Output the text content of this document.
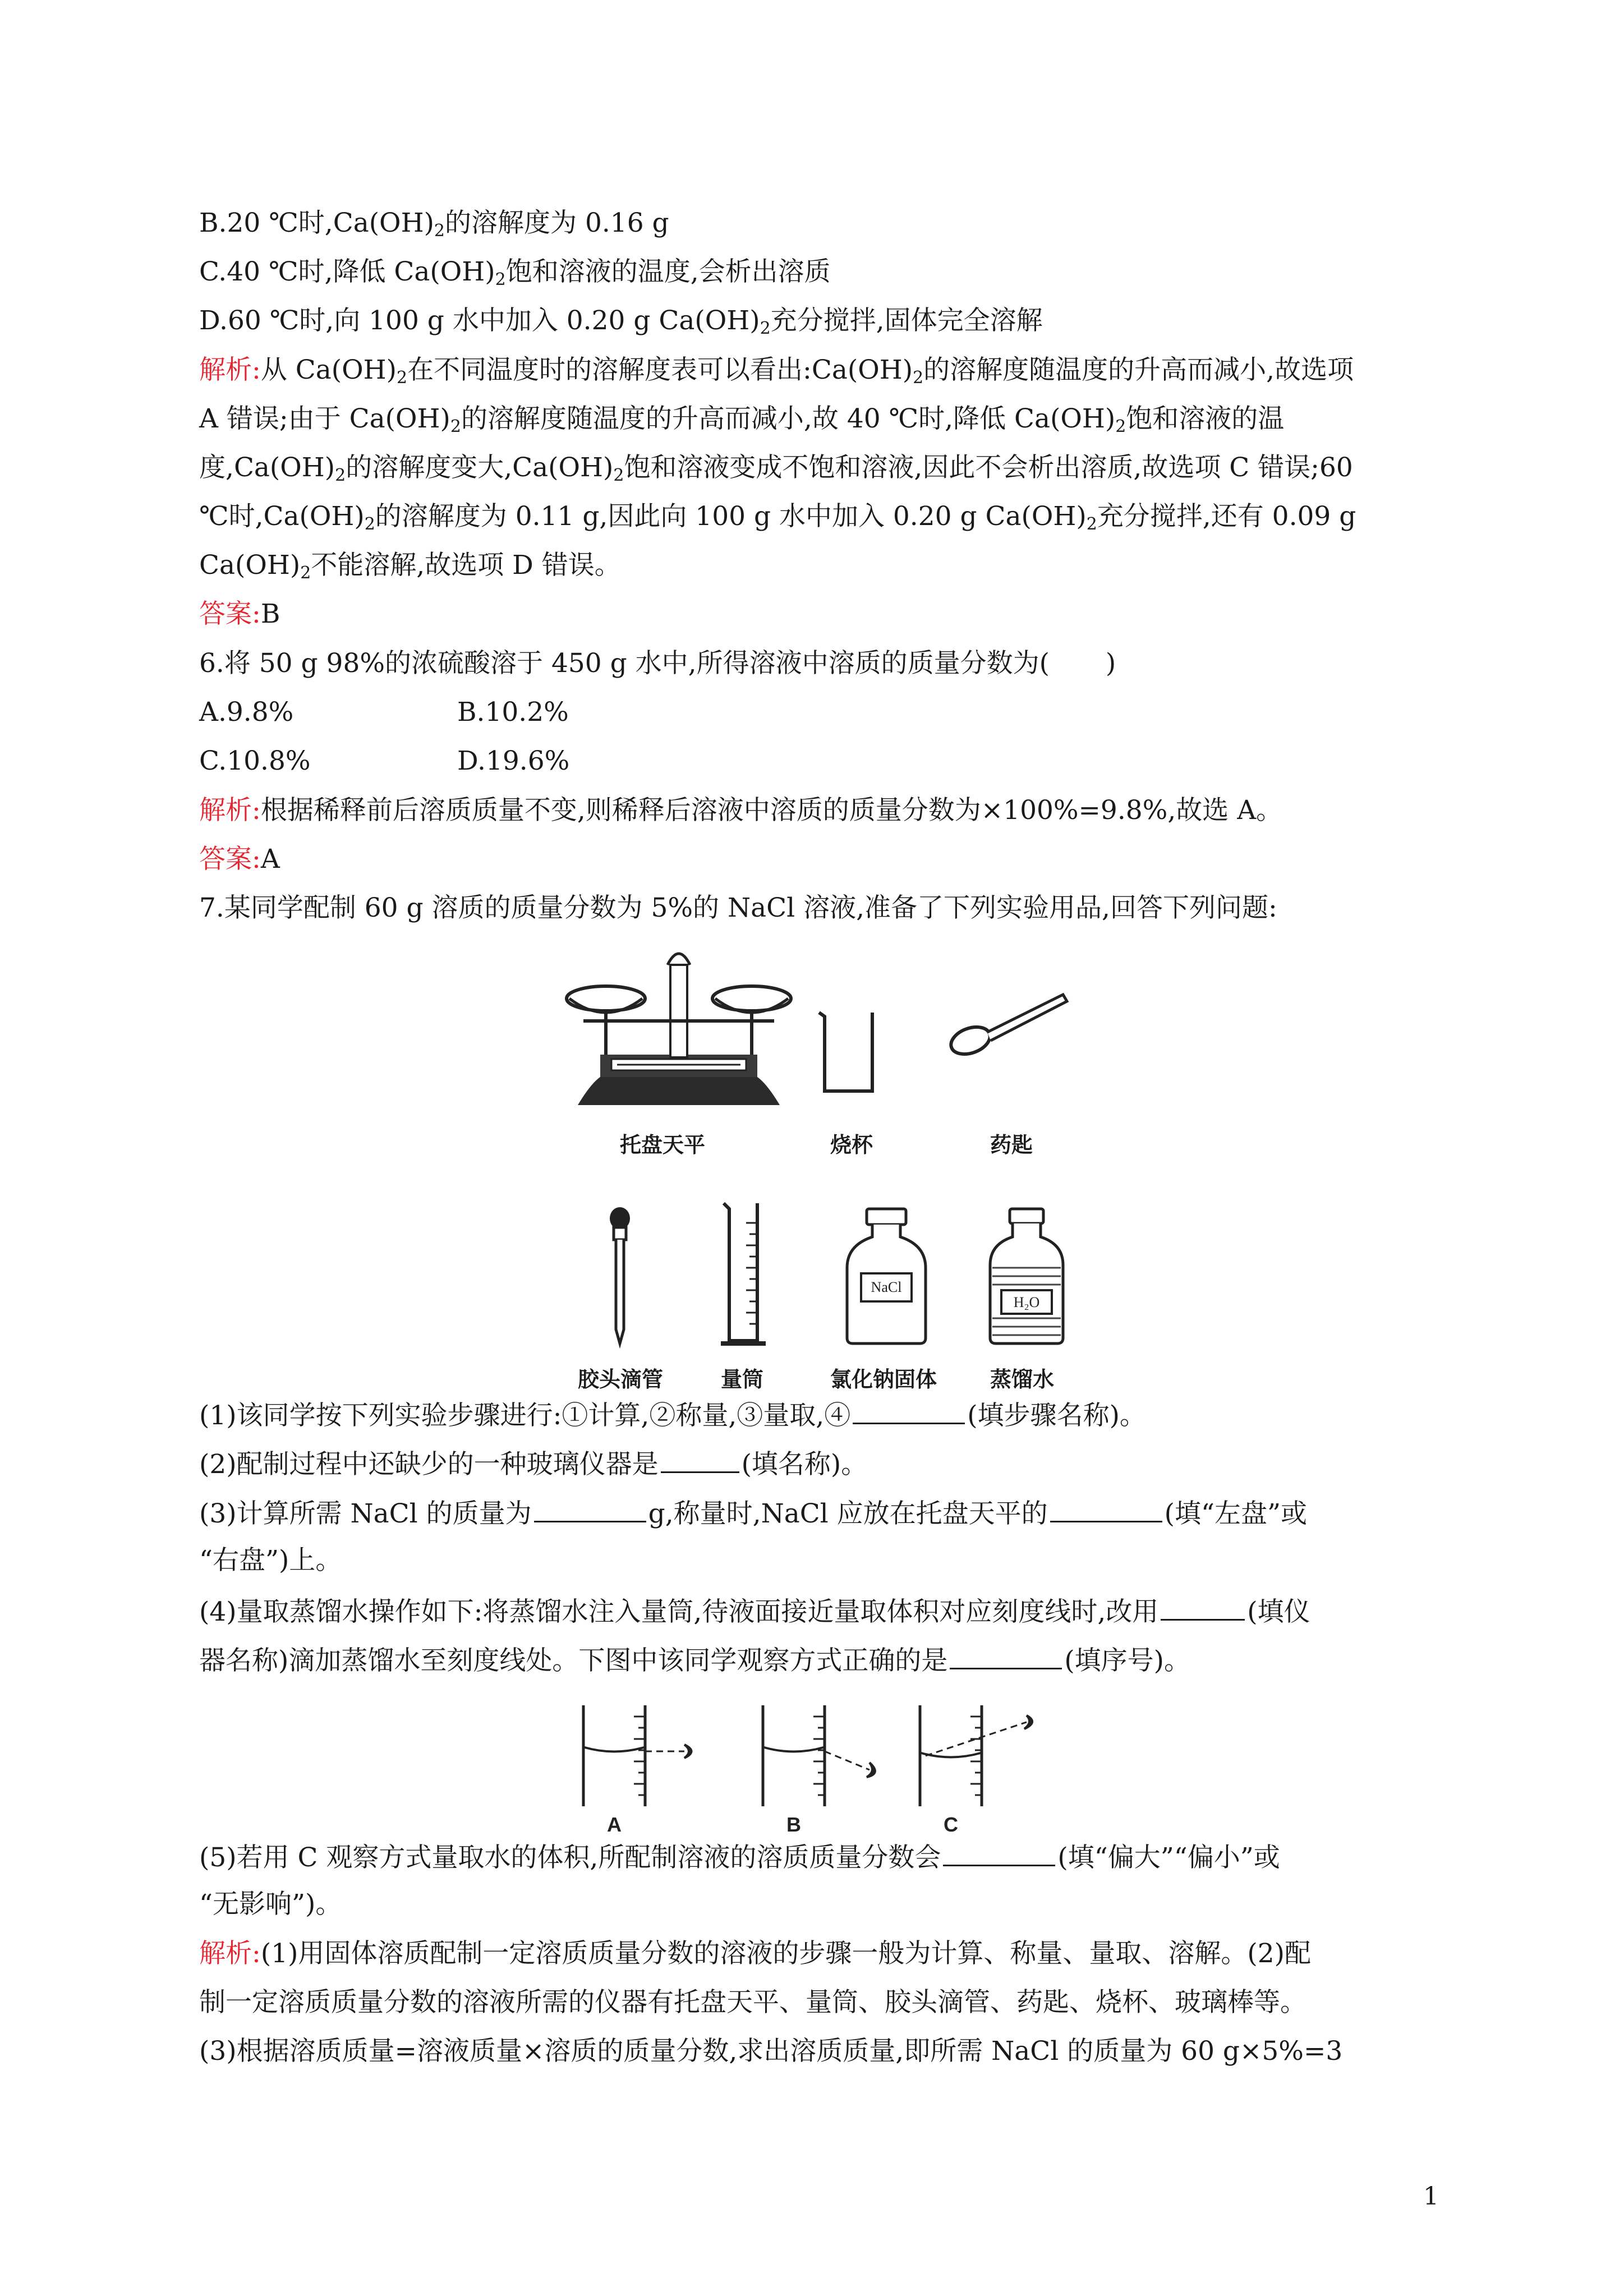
B.20 ℃时$,Ca(OH)_2$的溶解度为 0.16 g
C.40 ℃时,降低 $Ca(OH)_2$饱和溶液的温度,会析出溶质
D.60 ℃时,向 100 g 水中加入 0.20 g $Ca(OH)_2$充分搅拌,固体完全溶解
解析:从 $Ca(OH)_2$在不同温度时的溶解度表可以看出$:Ca(OH)_2$的溶解度随温度的升高而减小,故选项
A 错误;由于 $Ca(OH)_2$的溶解度随温度的升高而减小,故 40 ℃时,降低 $Ca(OH)_2$饱和溶液的温
度$,Ca(OH)_2$的溶解度变大$,Ca(OH)_2$饱和溶液变成不饱和溶液,因此不会析出溶质,故选项 C 错误;60
℃时$,Ca(OH)_2$的溶解度为 0.11 g,因此向 100 g 水中加入 0.20 g $Ca(OH)_2$充分搅拌,还有 0.09 g
$Ca(OH)_2$不能溶解,故选项 D 错误。
答案:B
6.将 50 g 98%的浓硫酸溶于 450 g 水中,所得溶液中溶质的质量分数为( )
A.9.8%	B.10.2%
C.10.8%	D.19.6%
解析:根据稀释前后溶质质量不变,则稀释后溶液中溶质的质量分数为×100%=9.8%,故选 A。
答案:A
7.某同学配制 60 g 溶质的质量分数为 5%的 NaCl 溶液,准备了下列实验用品,回答下列问题:
托盘天平	烧杯	药匙
NaCl
H₂O
胶头滴管	量筒	氯化钠固体 蒸馏水
(1)该同学按下列实验步骤进行:①计算,②称量,③量取,④	(填步骤名称)。
(2)配制过程中还缺少的一种玻璃仪器是	(填名称)。
(3)计算所需 NaCl 的质量为	g,称量时,NaCl 应放在托盘天平的	(填“左盘”或
“右盘”)上。
(4)量取蒸馏水操作如下:将蒸馏水注入量筒,待液面接近量取体积对应刻度线时,改用	(填仪
器名称)滴加蒸馏水至刻度线处。下图中该同学观察方式正确的是	(填序号)。
A	B	C
(5)若用 C 观察方式量取水的体积,所配制溶液的溶质质量分数会	(填“偏大”“偏小”或
“无影响”)。
解析:(1)用固体溶质配制一定溶质质量分数的溶液的步骤一般为计算、称量、量取、溶解。(2)配
制一定溶质质量分数的溶液所需的仪器有托盘天平、量筒、胶头滴管、药匙、烧杯、玻璃棒等。
(3)根据溶质质量=溶液质量×溶质的质量分数,求出溶质质量,即所需 NaCl 的质量为 60 g×5%=3
1
